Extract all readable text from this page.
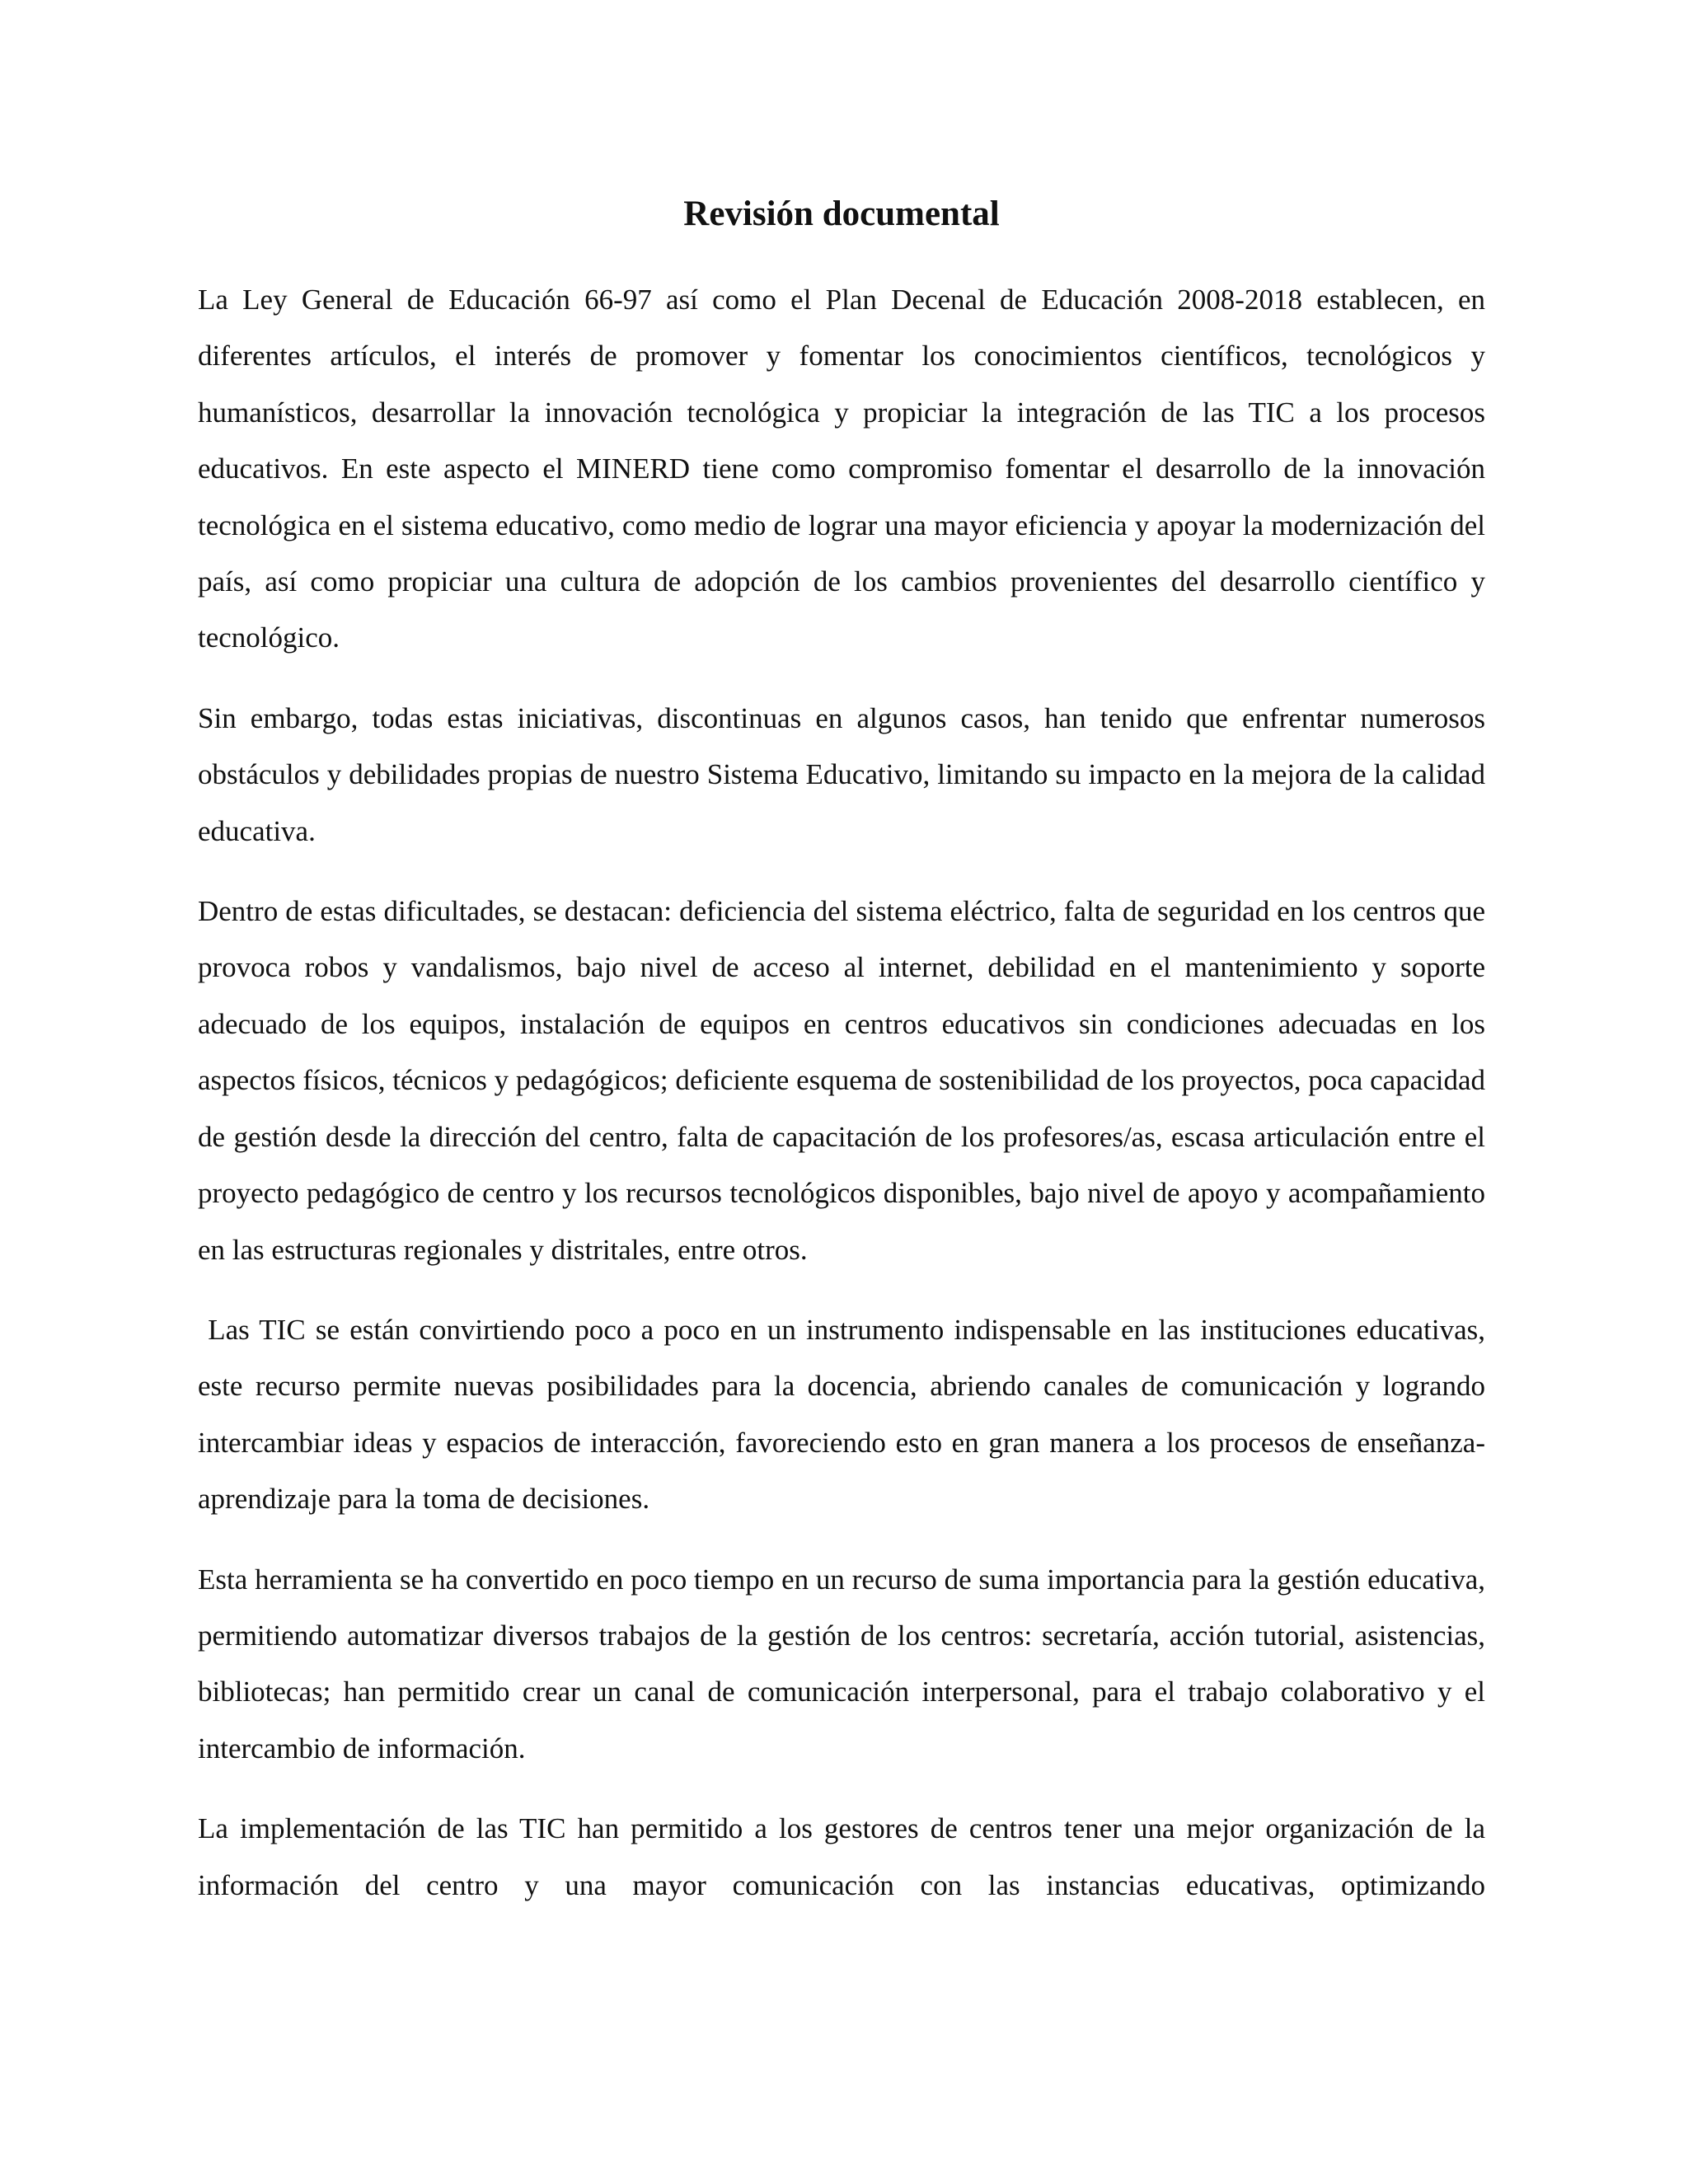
Revisión documental

La Ley General de Educación 66-97 así como el Plan Decenal de Educación 2008-2018 establecen, en diferentes artículos, el interés de promover y fomentar los conocimientos científicos, tecnológicos y humanísticos, desarrollar la innovación tecnológica y propiciar la integración de las TIC a los procesos educativos. En este aspecto el MINERD tiene como compromiso fomentar el desarrollo de la innovación tecnológica en el sistema educativo, como medio de lograr una mayor eficiencia y apoyar la modernización del país, así como propiciar una cultura de adopción de los cambios provenientes del desarrollo científico y tecnológico.

Sin embargo, todas estas iniciativas, discontinuas en algunos casos, han tenido que enfrentar numerosos obstáculos y debilidades propias de nuestro Sistema Educativo, limitando su impacto en la mejora de la calidad educativa.

Dentro de estas dificultades, se destacan: deficiencia del sistema eléctrico, falta de seguridad en los centros que provoca robos y vandalismos, bajo nivel de acceso al internet, debilidad en el mantenimiento y soporte adecuado de los equipos, instalación de equipos en centros educativos sin condiciones adecuadas en los aspectos físicos, técnicos y pedagógicos; deficiente esquema de sostenibilidad de los proyectos, poca capacidad de gestión desde la dirección del centro, falta de capacitación de los profesores/as, escasa articulación entre el proyecto pedagógico de centro y los recursos tecnológicos disponibles, bajo nivel de apoyo y acompañamiento en las estructuras regionales y distritales, entre otros.

Las TIC se están convirtiendo poco a poco en un instrumento indispensable en las instituciones educativas, este recurso permite nuevas posibilidades para la docencia, abriendo canales de comunicación y logrando intercambiar ideas y espacios de interacción, favoreciendo esto en gran manera a los procesos de enseñanza-aprendizaje para la toma de decisiones.

Esta herramienta se ha convertido en poco tiempo en un recurso de suma importancia para la gestión educativa, permitiendo automatizar diversos trabajos de la gestión de los centros: secretaría, acción tutorial, asistencias, bibliotecas; han permitido crear un canal de comunicación interpersonal, para el trabajo colaborativo y el intercambio de información.

La implementación de las TIC han permitido a los gestores de centros tener una mejor organización de la información del centro y una mayor comunicación con las instancias educativas, optimizando
